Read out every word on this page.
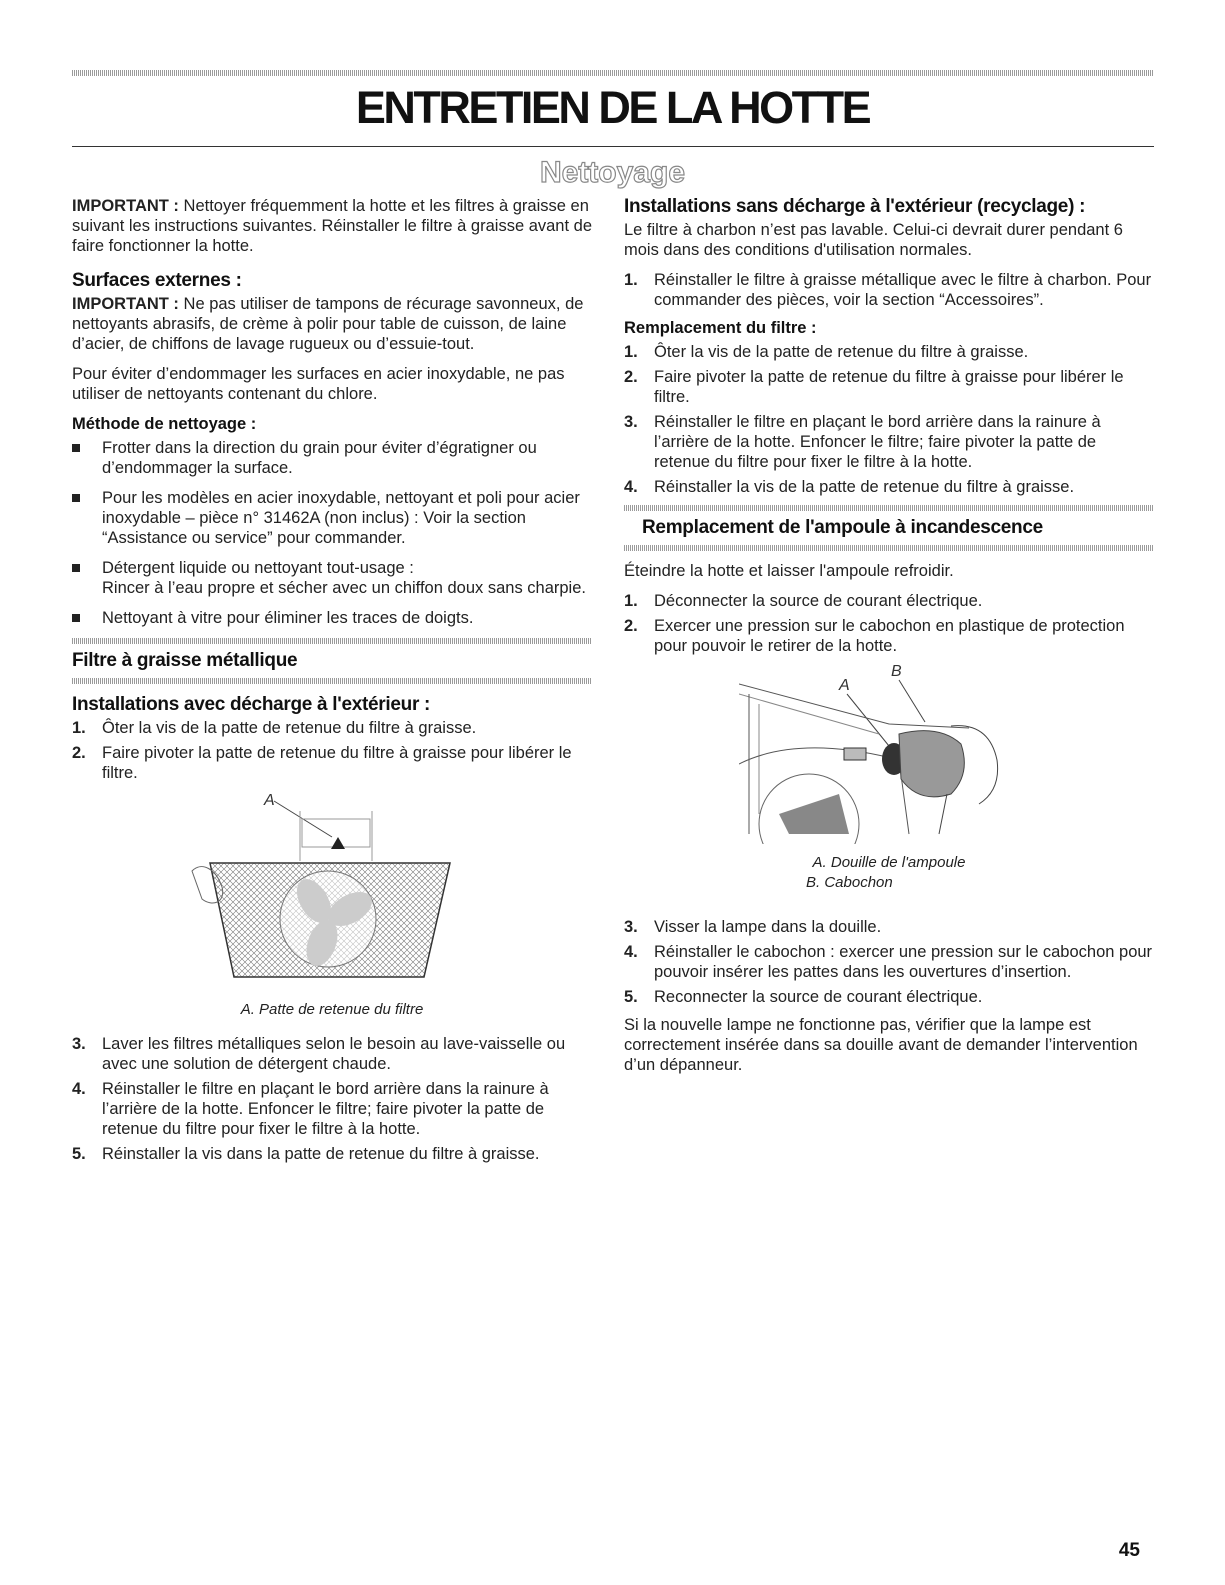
ENTRETIEN DE LA HOTTE
Nettoyage

IMPORTANT : Nettoyer fréquemment la hotte et les filtres à graisse en suivant les instructions suivantes. Réinstaller le filtre à graisse avant de faire fonctionner la hotte.

Surfaces externes :

IMPORTANT : Ne pas utiliser de tampons de récurage savonneux, de nettoyants abrasifs, de crème à polir pour table de cuisson, de laine d’acier, de chiffons de lavage rugueux ou d’essuie-tout.

Pour éviter d’endommager les surfaces en acier inoxydable, ne pas utiliser de nettoyants contenant du chlore.

Méthode de nettoyage :
Frotter dans la direction du grain pour éviter d’égratigner ou d’endommager la surface.
Pour les modèles en acier inoxydable, nettoyant et poli pour acier inoxydable – pièce n° 31462A (non inclus) : Voir la section “Assistance ou service” pour commander.
Détergent liquide ou nettoyant tout-usage :
Rincer à l’eau propre et sécher avec un chiffon doux sans charpie.
Nettoyant à vitre pour éliminer les traces de doigts.
Filtre à graisse métallique
Installations avec décharge à l'extérieur :
1. Ôter la vis de la patte de retenue du filtre à graisse.
2. Faire pivoter la patte de retenue du filtre à graisse pour libérer le filtre.
A
A. Patte de retenue du filtre
3. Laver les filtres métalliques selon le besoin au lave-vaisselle ou avec une solution de détergent chaude.
4. Réinstaller le filtre en plaçant le bord arrière dans la rainure à l’arrière de la hotte. Enfoncer le filtre; faire pivoter la patte de retenue du filtre pour fixer le filtre à la hotte.
5. Réinstaller la vis dans la patte de retenue du filtre à graisse.
Installations sans décharge à l'extérieur (recyclage) :

Le filtre à charbon n’est pas lavable. Celui-ci devrait durer pendant 6 mois dans des conditions d'utilisation normales.

1. Réinstaller le filtre à graisse métallique avec le filtre à charbon. Pour commander des pièces, voir la section “Accessoires”.
Remplacement du filtre :
1. Ôter la vis de la patte de retenue du filtre à graisse.
2. Faire pivoter la patte de retenue du filtre à graisse pour libérer le filtre.
3. Réinstaller le filtre en plaçant le bord arrière dans la rainure à l’arrière de la hotte. Enfoncer le filtre; faire pivoter la patte de retenue du filtre pour fixer le filtre à la hotte.
4. Réinstaller la vis de la patte de retenue du filtre à graisse.
Remplacement de l'ampoule à incandescence

Éteindre la hotte et laisser l'ampoule refroidir.

1. Déconnecter la source de courant électrique.
2. Exercer une pression sur le cabochon en plastique de protection pour pouvoir le retirer de la hotte.
A
B
A. Douille de l'ampoule
B. Cabochon
3. Visser la lampe dans la douille.
4. Réinstaller le cabochon : exercer une pression sur le cabochon pour pouvoir insérer les pattes dans les ouvertures d’insertion.
5. Reconnecter la source de courant électrique.

Si la nouvelle lampe ne fonctionne pas, vérifier que la lampe est correctement insérée dans sa douille avant de demander l’intervention d’un dépanneur.

45
